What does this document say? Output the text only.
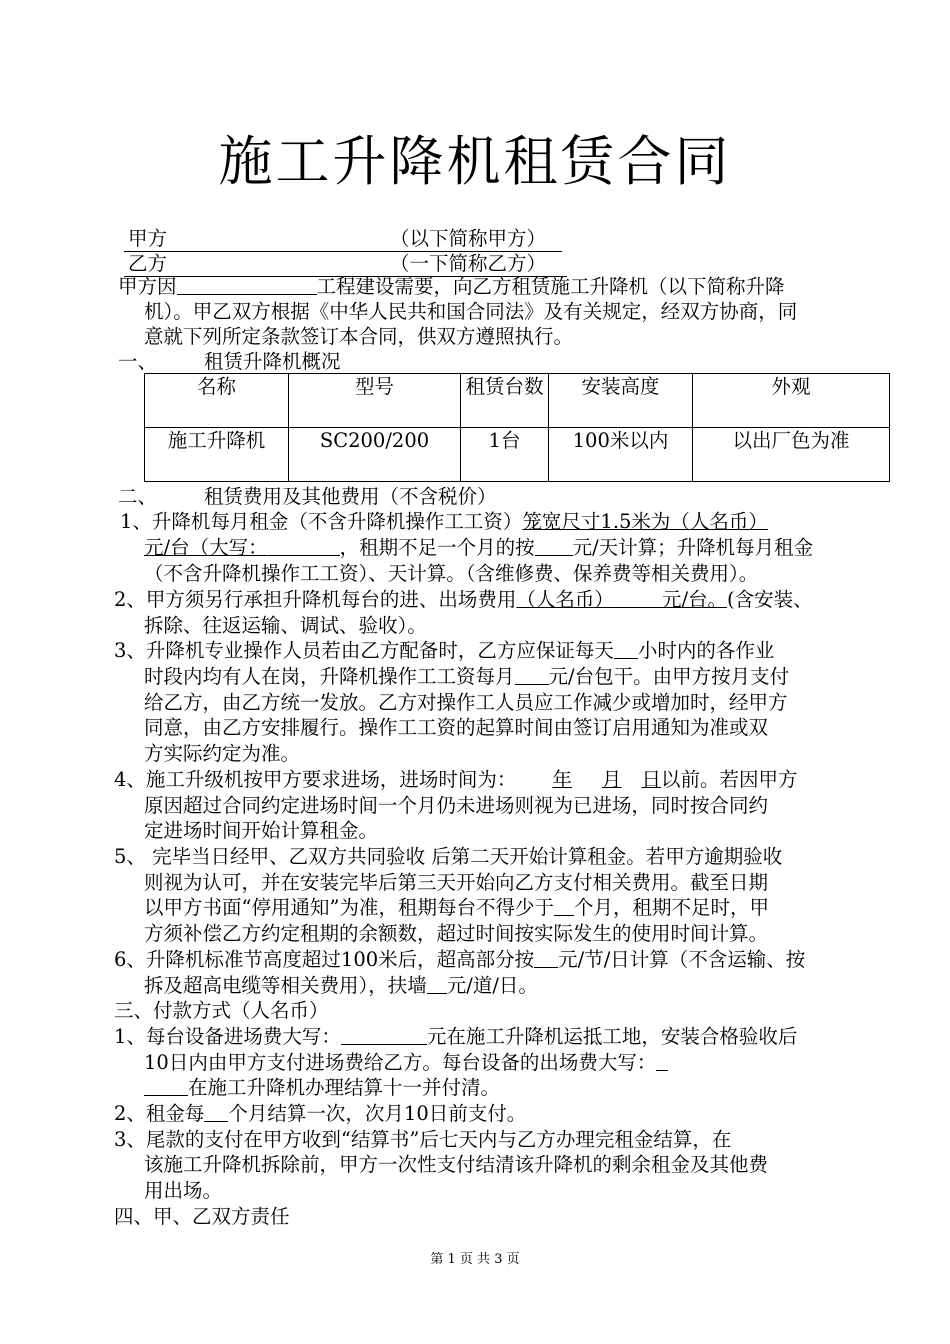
施工升降机租赁合同
甲方	（以下简称甲方）
乙方	（一下简称乙方）
甲方因	工程建设需要，向乙方租赁施工升降机（以下简称升降
机）。甲乙双方根据《中华人民共和国合同法》及有关规定，经双方协商，同
意就下列所定条款签订本合同，供双方遵照执行。
一、 租赁升降机概况
名称	型号	租赁台数	安装高度	外观
施工升降机	SC200/200	1台	100米以内	以出厂色为准
二、 租赁费用及其他费用（不含税价）
1、升降机每月租金（不含升降机操作工工资）笼宽尺寸1.5米为（人名币）
元/台（大写：	，租期不足一个月的按 元/天计算；升降机每月租金
（不含升降机操作工工资）、天计算。（含维修费、保养费等相关费用）。
2、甲方须另行承担升降机每台的进、出场费用（人名币） 元/台。(含安装、
拆除、往返运输、调试、验收）。
3、升降机专业操作人员若由乙方配备时，乙方应保证每天 小时内的各作业
时段内均有人在岗，升降机操作工工资每月 元/台包干。由甲方按月支付
给乙方，由乙方统一发放。乙方对操作工人员应工作减少或增加时，经甲方
同意，由乙方安排履行。操作工工资的起算时间由签订启用通知为准或双
方实际约定为准。
4、施工升级机按甲方要求进场，进场时间为： 年 月 日以前。若因甲方
原因超过合同约定进场时间一个月仍未进场则视为已进场，同时按合同约
定进场时间开始计算租金。
5、 完毕当日经甲、乙双方共同验收 后第二天开始计算租金。若甲方逾期验收
则视为认可，并在安装完毕后第三天开始向乙方支付相关费用。截至日期
以甲方书面“停用通知”为准，租期每台不得少于 个月，租期不足时，甲
方须补偿乙方约定租期的余额数，超过时间按实际发生的使用时间计算。
6、升降机标准节高度超过100米后，超高部分按 元/节/日计算（不含运输、按
拆及超高电缆等相关费用），扶墙 元/道/日。
三、付款方式（人名币）
1、每台设备进场费大写：	元在施工升降机运抵工地，安装合格验收后
10日内由甲方支付进场费给乙方。每台设备的出场费大写：
在施工升降机办理结算十一并付清。
2、租金每 个月结算一次，次月10日前支付。
3、尾款的支付在甲方收到“结算书”后七天内与乙方办理完租金结算，在
该施工升降机拆除前，甲方一次性支付结清该升降机的剩余租金及其他费
用出场。
四、甲、乙双方责任
第 1 页 共 3 页
